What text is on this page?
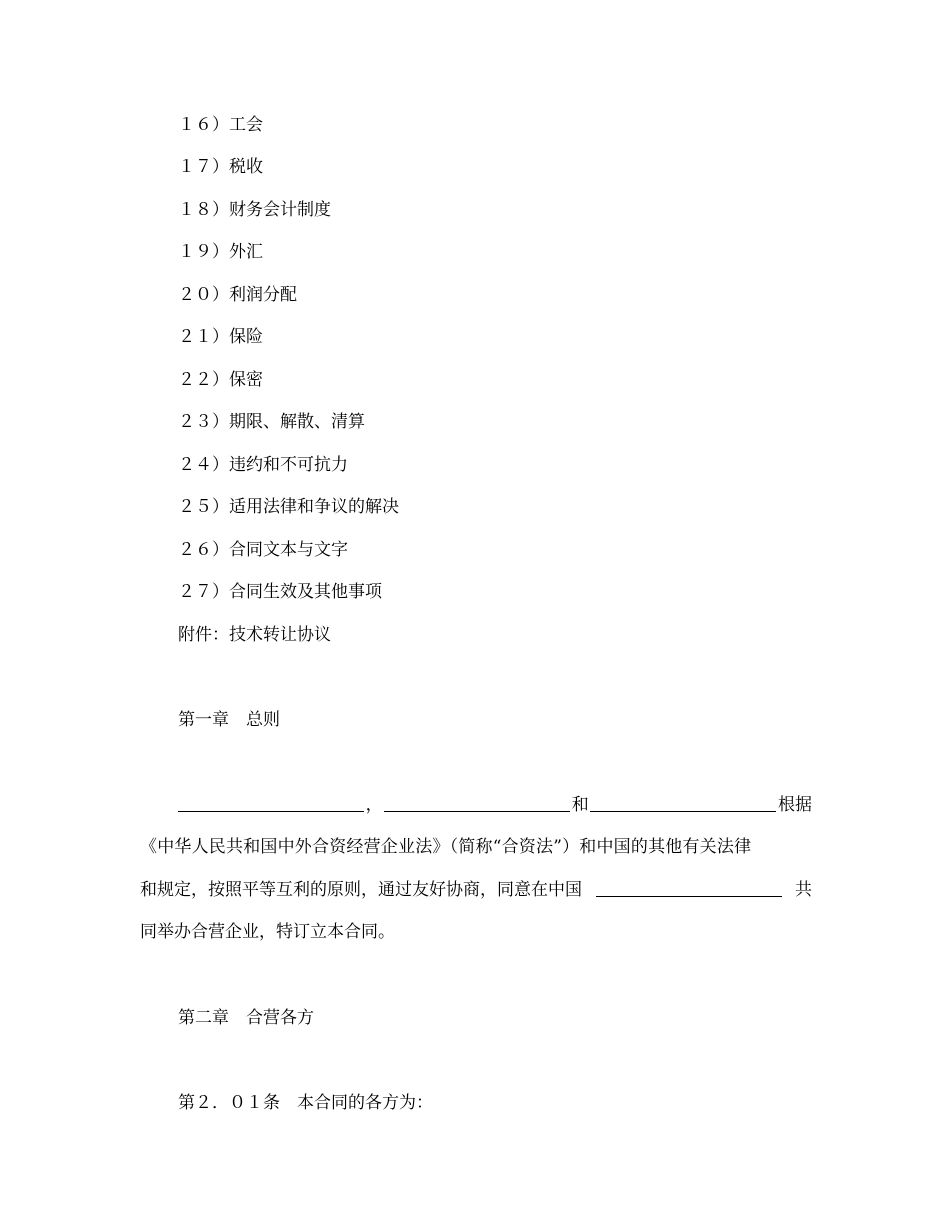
１６）工会
１７）税收
１８）财务会计制度
１９）外汇
２０）利润分配
２１）保险
２２）保密
２３）期限、解散、清算
２４）违约和不可抗力
２５）适用法律和争议的解决
２６）合同文本与文字
２７）合同生效及其他事项
附件：技术转让协议
第一章　总则
，	和	根据
《中华人民共和国中外合资经营企业法》（简称“合资法”）和中国的其他有关法律
和规定，按照平等互利的原则，通过友好协商，同意在中国	共
同举办合营企业，特订立本合同。
第二章　合营各方
第２．０１条　本合同的各方为：
